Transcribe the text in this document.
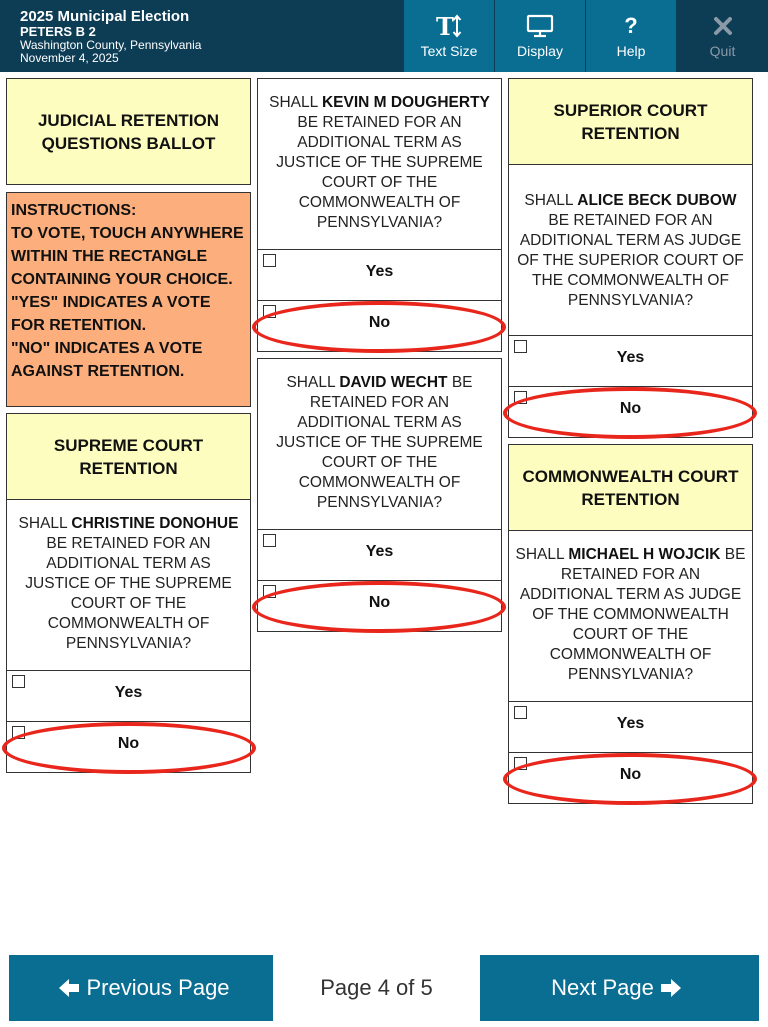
2025 Municipal Election
PETERS B 2
Washington County, Pennsylvania
November 4, 2025
T
Text Size	Display
?
Help	Quit
JUDICIAL RETENTION QUESTIONS BALLOT
INSTRUCTIONS:
TO VOTE, TOUCH ANYWHERE WITHIN THE RECTANGLE CONTAINING YOUR CHOICE.
"YES" INDICATES A VOTE FOR RETENTION.
"NO" INDICATES A VOTE AGAINST RETENTION.
SUPREME COURT RETENTION
SHALL CHRISTINE DONOHUE BE RETAINED FOR AN ADDITIONAL TERM AS JUSTICE OF THE SUPREME COURT OF THE COMMONWEALTH OF PENNSYLVANIA?
Yes
No
SHALL KEVIN M DOUGHERTY BE RETAINED FOR AN ADDITIONAL TERM AS JUSTICE OF THE SUPREME COURT OF THE COMMONWEALTH OF PENNSYLVANIA?
Yes
No
SHALL DAVID WECHT BE RETAINED FOR AN ADDITIONAL TERM AS JUSTICE OF THE SUPREME COURT OF THE COMMONWEALTH OF PENNSYLVANIA?
Yes
No
SUPERIOR COURT RETENTION
SHALL ALICE BECK DUBOW BE RETAINED FOR AN ADDITIONAL TERM AS JUDGE OF THE SUPERIOR COURT OF THE COMMONWEALTH OF PENNSYLVANIA?
Yes
No
COMMONWEALTH COURT RETENTION
SHALL MICHAEL H WOJCIK BE RETAINED FOR AN ADDITIONAL TERM AS JUDGE OF THE COMMONWEALTH COURT OF THE COMMONWEALTH OF PENNSYLVANIA?
Yes
No
Previous Page	Page 4 of 5	Next Page
